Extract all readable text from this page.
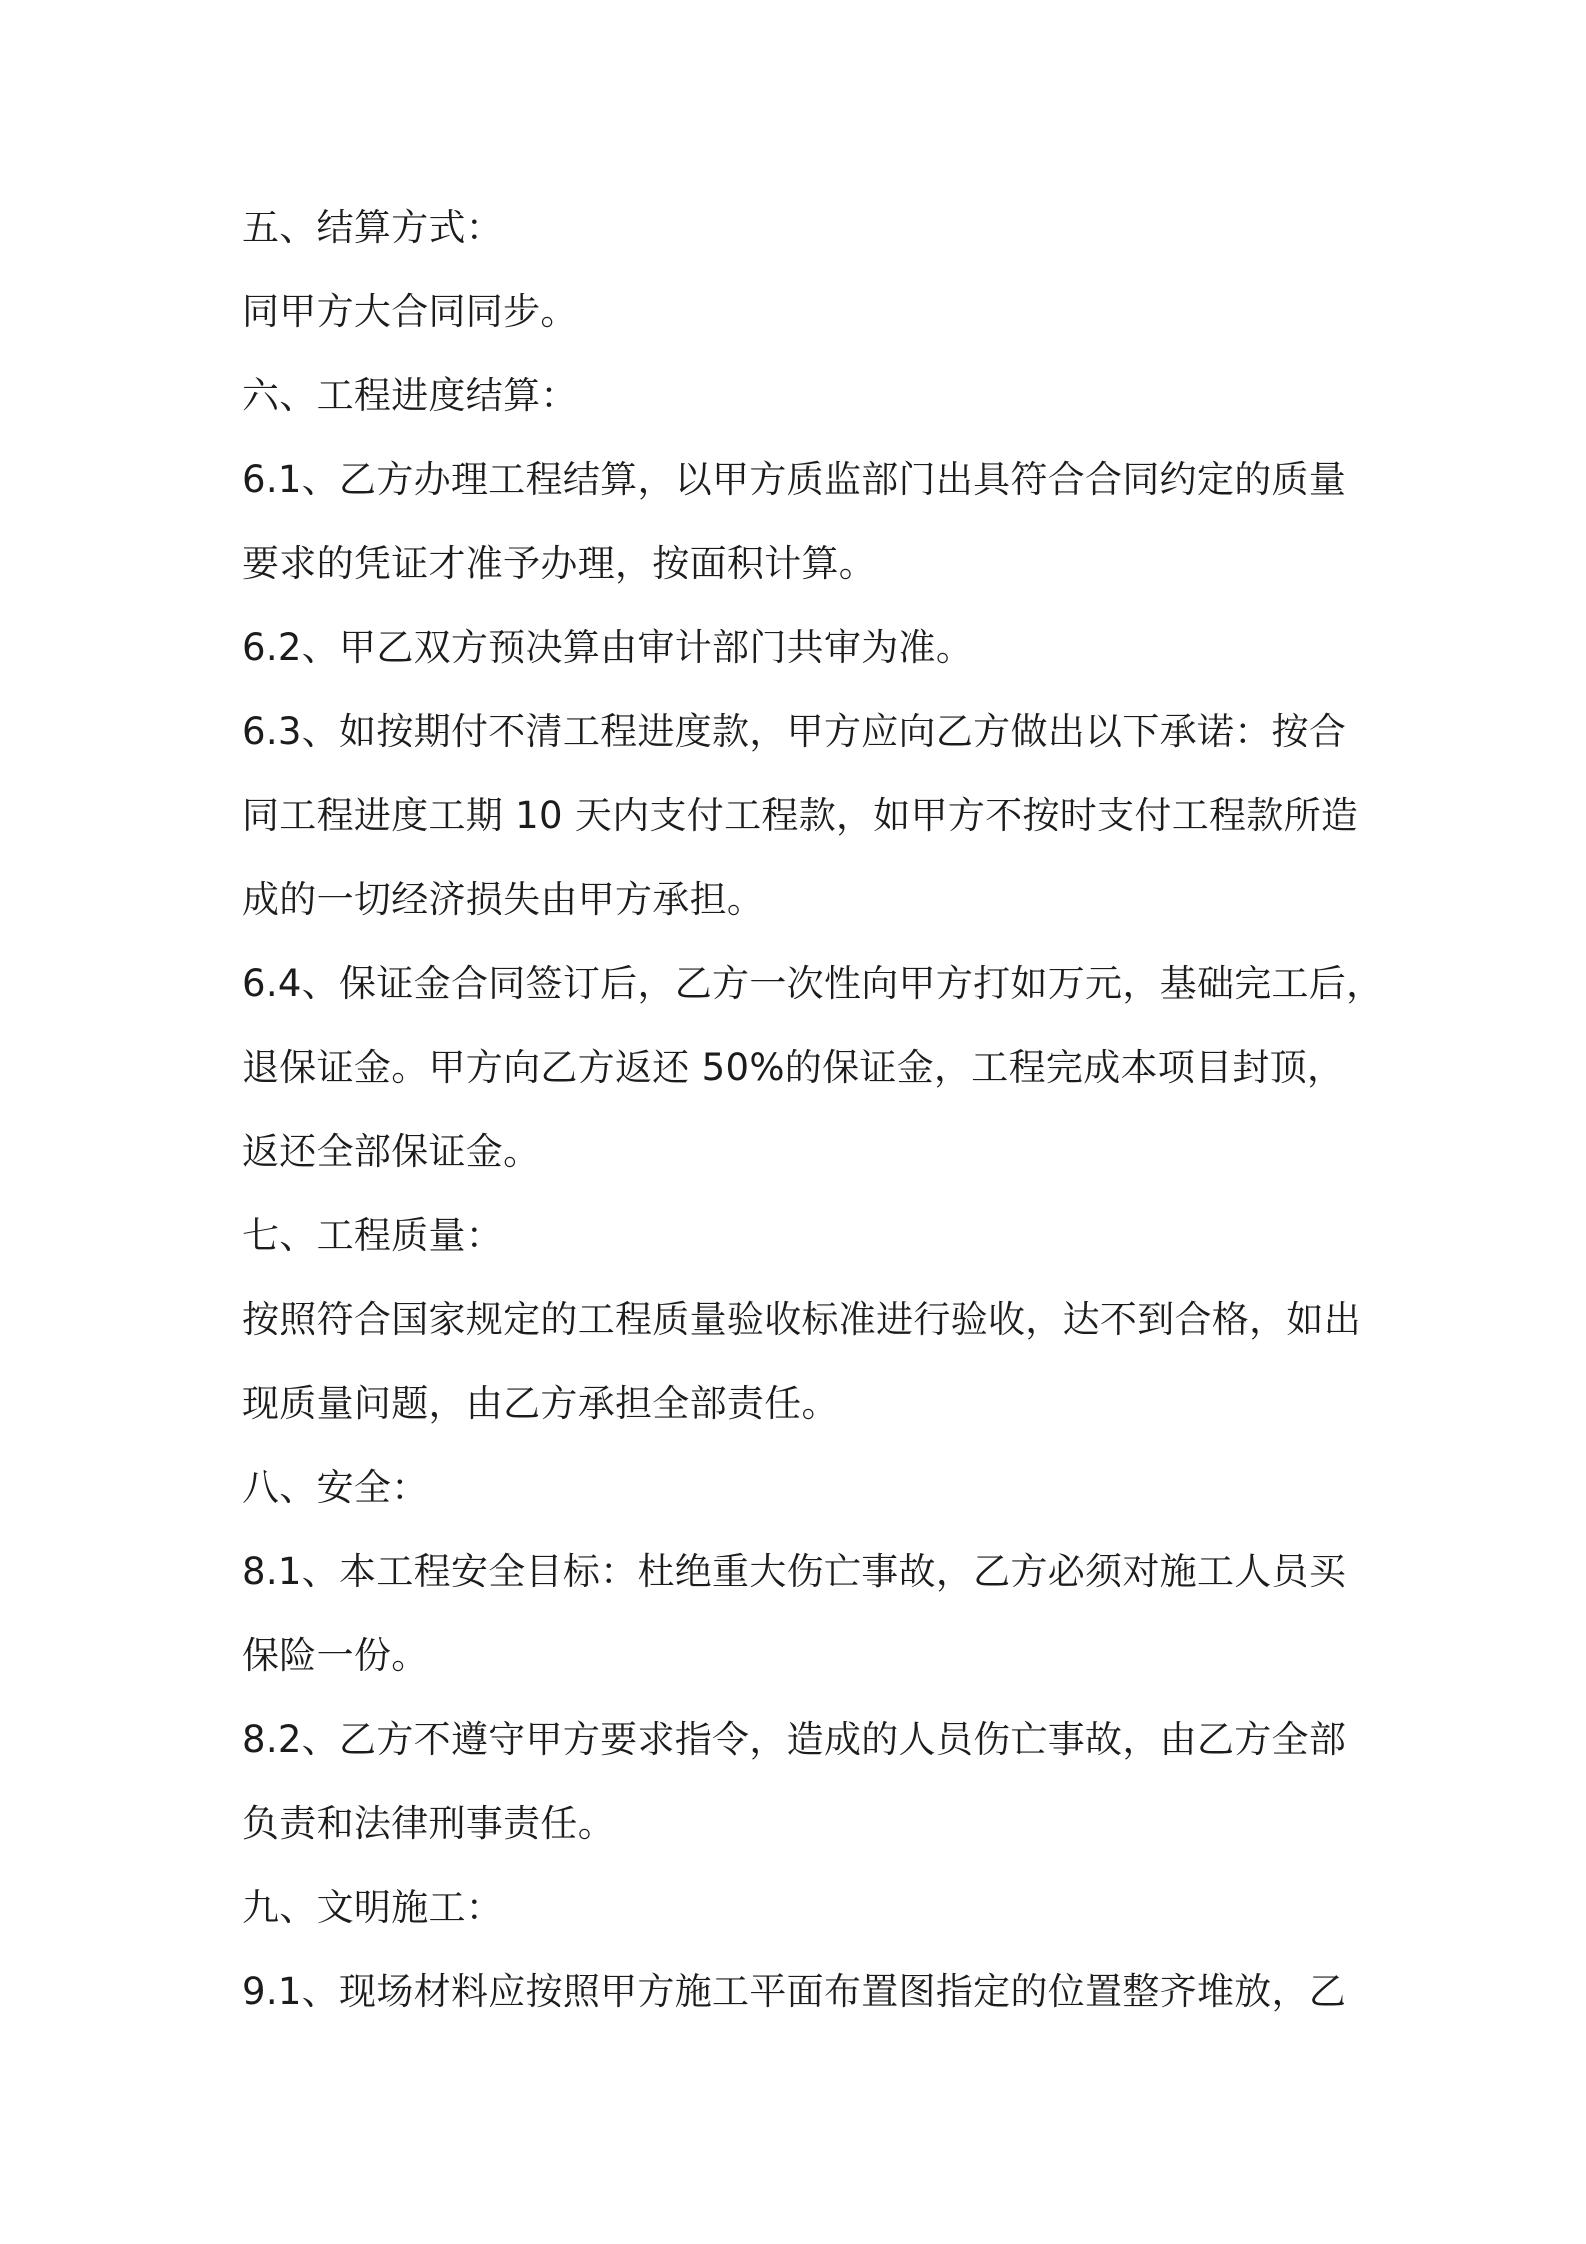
五、结算方式：
同甲方大合同同步。
六、工程进度结算：
6.1、乙方办理工程结算，以甲方质监部门出具符合合同约定的质量
要求的凭证才准予办理，按面积计算。
6.2、甲乙双方预决算由审计部门共审为准。
6.3、如按期付不清工程进度款，甲方应向乙方做出以下承诺：按合
同工程进度工期 10 天内支付工程款，如甲方不按时支付工程款所造
成的一切经济损失由甲方承担。
6.4、保证金合同签订后，乙方一次性向甲方打如万元，基础完工后，
退保证金。甲方向乙方返还 50%的保证金，工程完成本项目封顶，
返还全部保证金。
七、工程质量：
按照符合国家规定的工程质量验收标准进行验收，达不到合格，如出
现质量问题，由乙方承担全部责任。
八、安全：
8.1、本工程安全目标：杜绝重大伤亡事故，乙方必须对施工人员买
保险一份。
8.2、乙方不遵守甲方要求指令，造成的人员伤亡事故，由乙方全部
负责和法律刑事责任。
九、文明施工：
9.1、现场材料应按照甲方施工平面布置图指定的位置整齐堆放，乙
